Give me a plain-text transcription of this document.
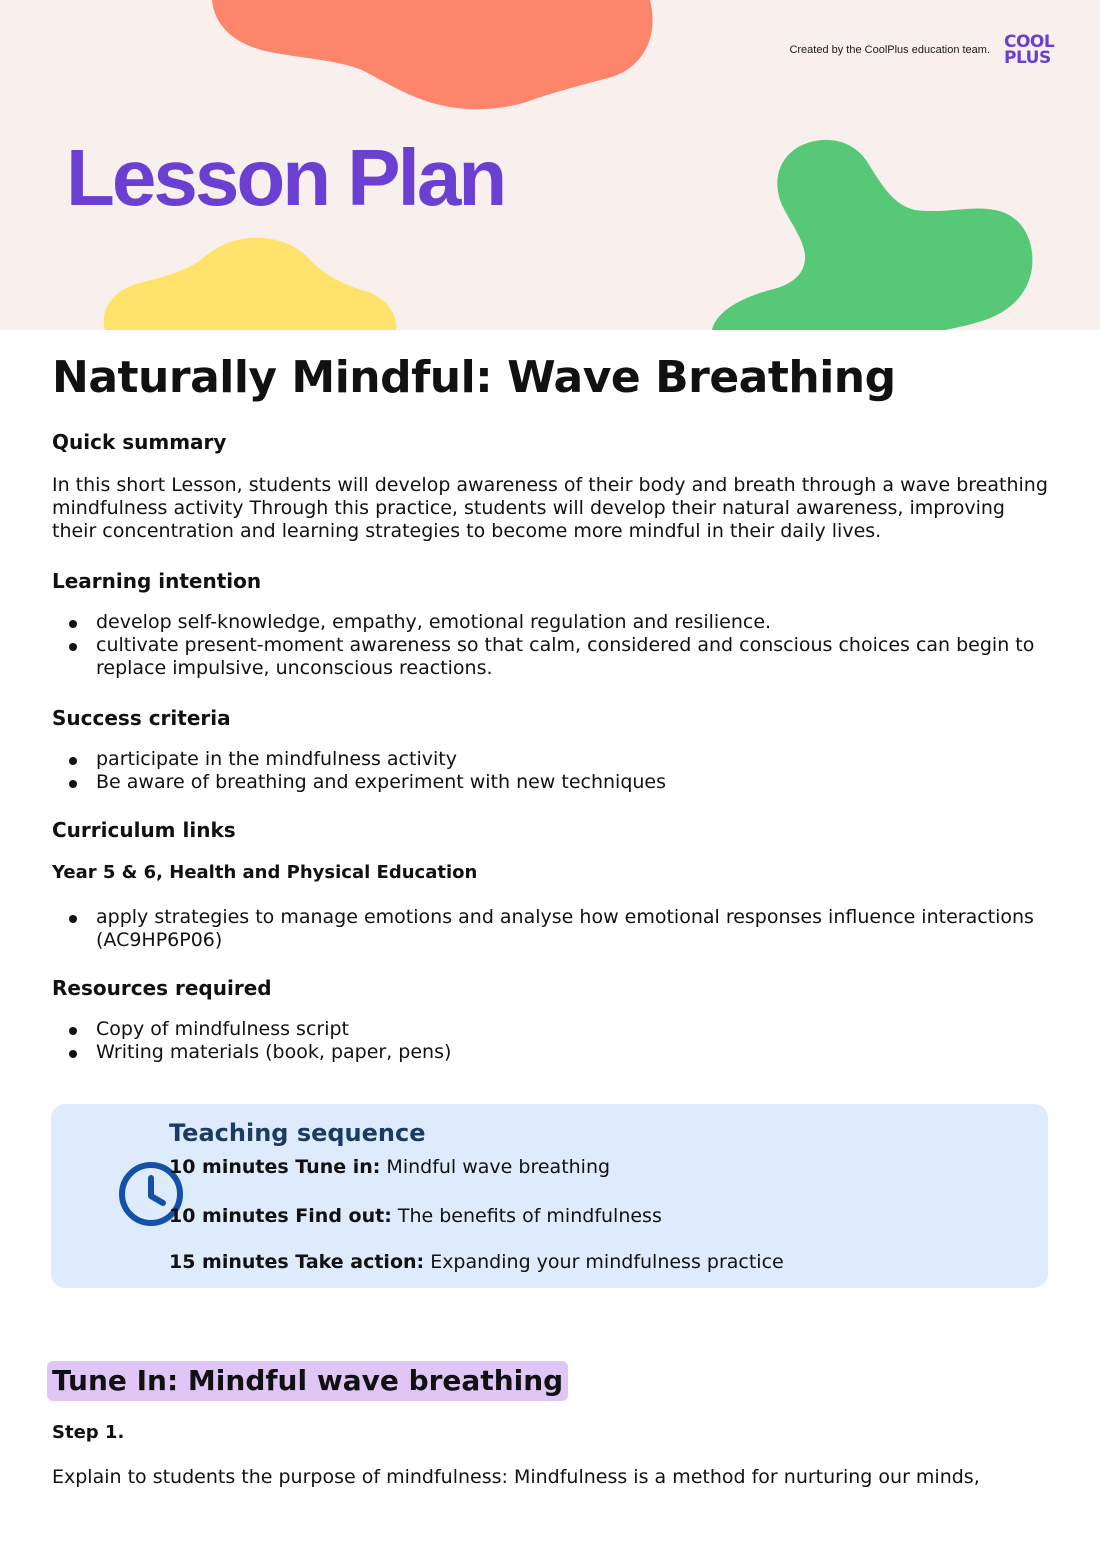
Created by the CoolPlus education team. COOL
PLUS
Lesson Plan
Naturally Mindful: Wave Breathing
Quick summary

In this short Lesson, students will develop awareness of their body and breath through a wave breathing mindfulness activity Through this practice, students will develop their natural awareness, improving their concentration and learning strategies to become more mindful in their daily lives.

Learning intention
develop self-knowledge, empathy, emotional regulation and resilience.
cultivate present-moment awareness so that calm, considered and conscious choices can begin to replace impulsive, unconscious reactions.
Success criteria
participate in the mindfulness activity
Be aware of breathing and experiment with new techniques
Curriculum links

Year 5 & 6, Health and Physical Education

apply strategies to manage emotions and analyse how emotional responses influence interactions (AC9HP6P06)
Resources required
Copy of mindfulness script
Writing materials (book, paper, pens)
Teaching sequence

10 minutes Tune in: Mindful wave breathing

10 minutes Find out: The benefits of mindfulness

15 minutes Take action: Expanding your mindfulness practice

Tune In: Mindful wave breathing

Step 1.

Explain to students the purpose of mindfulness: Mindfulness is a method for nurturing our minds,
